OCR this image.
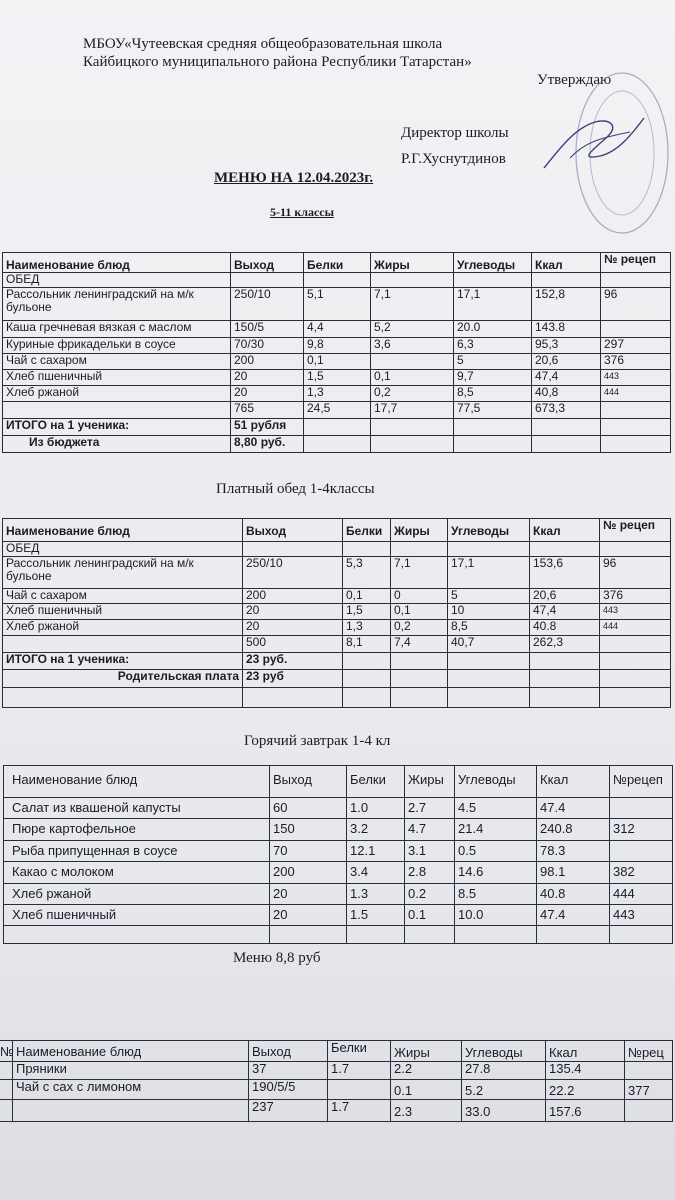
МБОУ«Чутеевская средняя общеобразовательная школа
Кайбицкого муниципального района Республики Татарстан»
Утверждаю
Директор школы
Р.Г.Хуснутдинов
МЕНЮ НА 12.04.2023г.
5-11 классы
Наименование блюд	Выход	Белки	Жиры	Углеводы	Ккал	№ рецеп
ОБЕД						
Рассольник ленинградский на м/к бульоне	250/10	5,1	7,1	17,1	152,8	96
Каша гречневая вязкая с маслом	150/5	4,4	5,2	20.0	143.8	
Куриные фрикадельки в соусе	70/30	9,8	3,6	6,3	95,3	297
Чай с сахаром	200	0,1		5	20,6	376
Хлеб пшеничный	20	1,5	0,1	9,7	47,4	443
Хлеб ржаной	20	1,3	0,2	8,5	40,8	444
	765	24,5	17,7	77,5	673,3	
ИТОГО на 1 ученика:	51 рубля					
Из бюджета	8,80 руб.					
Платный обед 1-4классы
Наименование блюд	Выход	Белки	Жиры	Углеводы	Ккал	№ рецеп
ОБЕД						
Рассольник ленинградский на м/к бульоне	250/10	5,3	7,1	17,1	153,6	96
Чай с сахаром	200	0,1	0	5	20,6	376
Хлеб пшеничный	20	1,5	0,1	10	47,4	443
Хлеб ржаной	20	1,3	0,2	8,5	40.8	444
	500	8,1	7,4	40,7	262,3	
ИТОГО на 1 ученика:	23 руб.					
Родительская плата	23 руб					

Горячий завтрак 1-4 кл
Наименование блюд	Выход	Белки	Жиры	Углеводы	Ккал	№рецеп
Салат из квашеной капусты	60	1.0	2.7	4.5	47.4	
Пюре картофельное	150	3.2	4.7	21.4	240.8	312
Рыба припущенная в соусе	70	12.1	3.1	0.5	78.3	
Какао с молоком	200	3.4	2.8	14.6	98.1	382
Хлеб ржаной	20	1.3	0.2	8.5	40.8	444
Хлеб пшеничный	20	1.5	0.1	10.0	47.4	443

Меню 8,8 руб
№	Наименование блюд	Выход	Белки	Жиры	Углеводы	Ккал	№рец
	Пряники	37	1.7	2.2	27.8	135.4	
	Чай с сах с лимоном	190/5/5		0.1	5.2	22.2	377
		237	1.7	2.3	33.0	157.6	
